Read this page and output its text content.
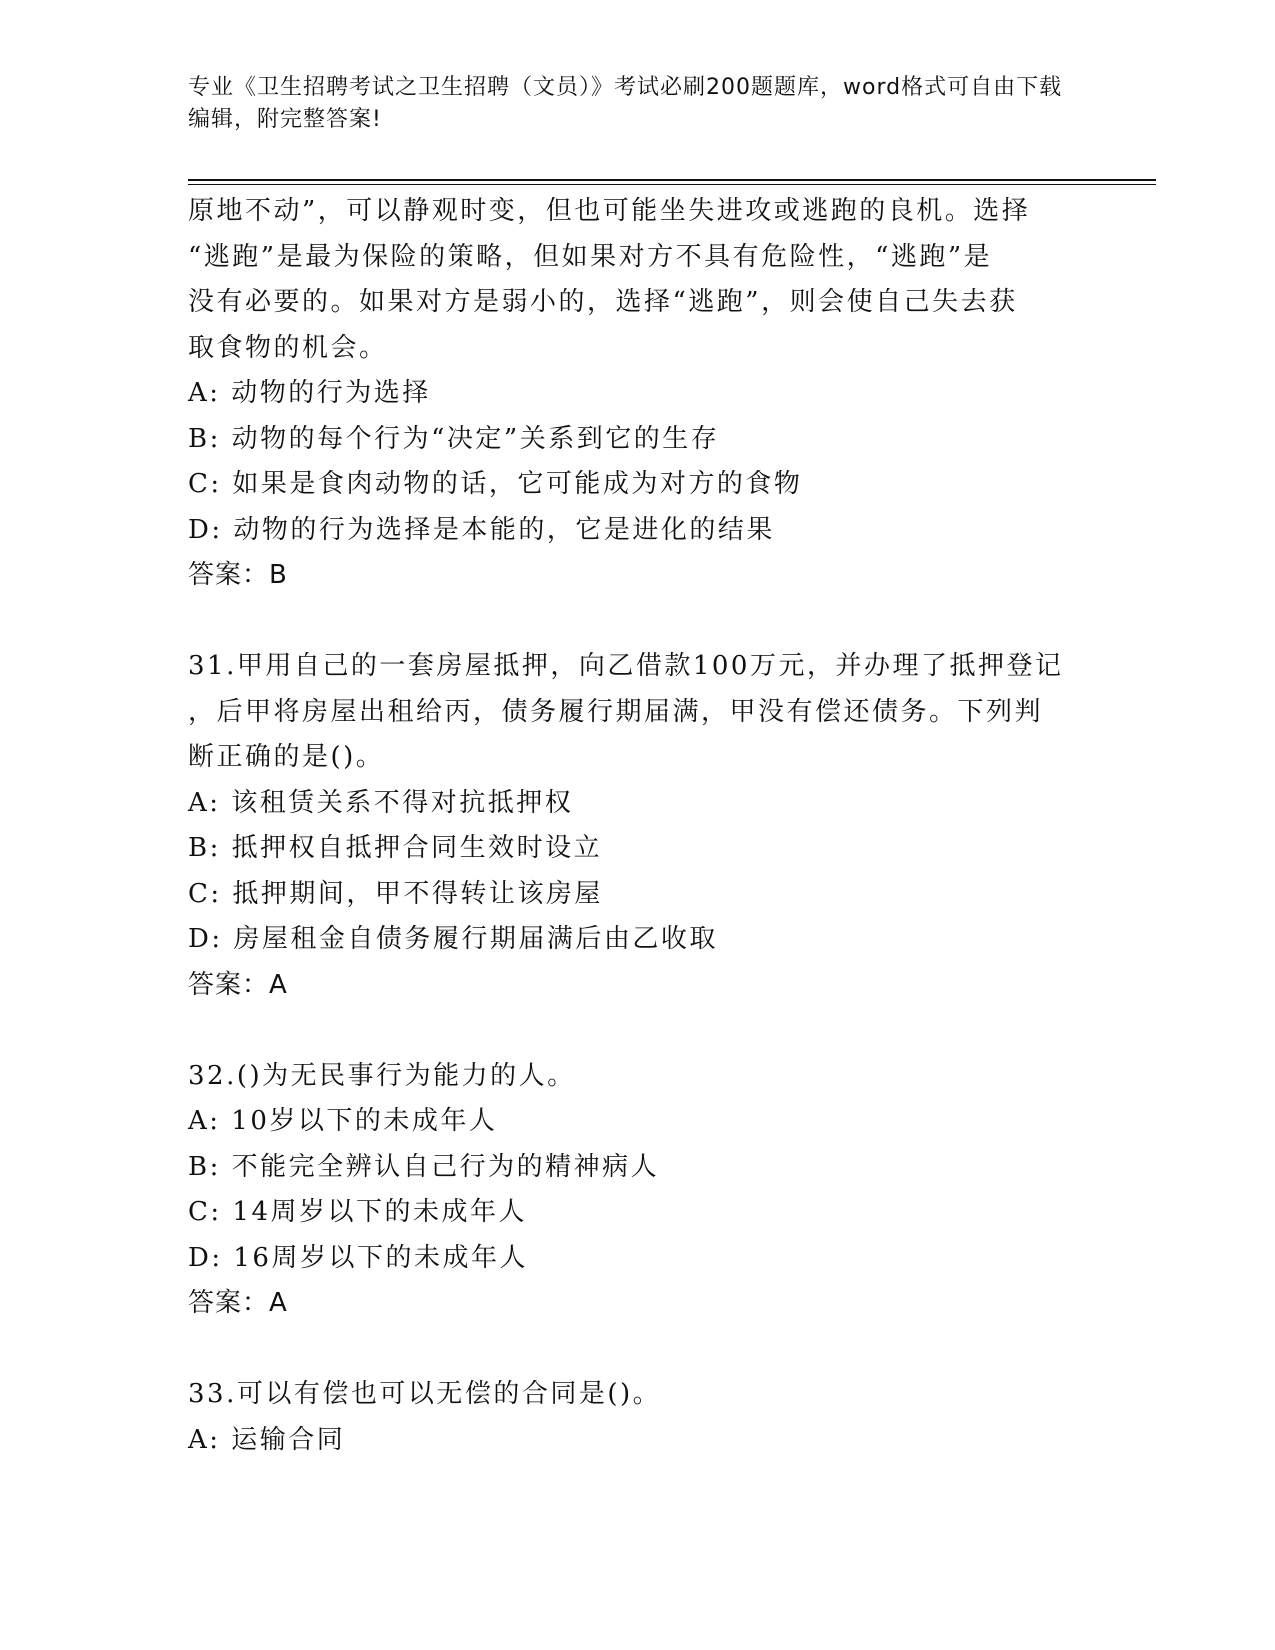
专业《卫生招聘考试之卫生招聘（文员）》考试必刷200题题库，word格式可自由下载编辑，附完整答案!
原地不动”，可以静观时变，但也可能坐失进攻或逃跑的良机。选择
“逃跑”是最为保险的策略，但如果对方不具有危险性，“逃跑”是
没有必要的。如果对方是弱小的，选择“逃跑”，则会使自己失去获
取食物的机会。
A: 动物的行为选择
B: 动物的每个行为“决定”关系到它的生存
C: 如果是食肉动物的话，它可能成为对方的食物
D: 动物的行为选择是本能的，它是进化的结果
答案：B
31.甲用自己的一套房屋抵押，向乙借款100万元，并办理了抵押登记
，后甲将房屋出租给丙，债务履行期届满，甲没有偿还债务。下列判
断正确的是()。
A: 该租赁关系不得对抗抵押权
B: 抵押权自抵押合同生效时设立
C: 抵押期间，甲不得转让该房屋
D: 房屋租金自债务履行期届满后由乙收取
答案：A
32.()为无民事行为能力的人。
A: 10岁以下的未成年人
B: 不能完全辨认自己行为的精神病人
C: 14周岁以下的未成年人
D: 16周岁以下的未成年人
答案：A
33.可以有偿也可以无偿的合同是()。
A: 运输合同
